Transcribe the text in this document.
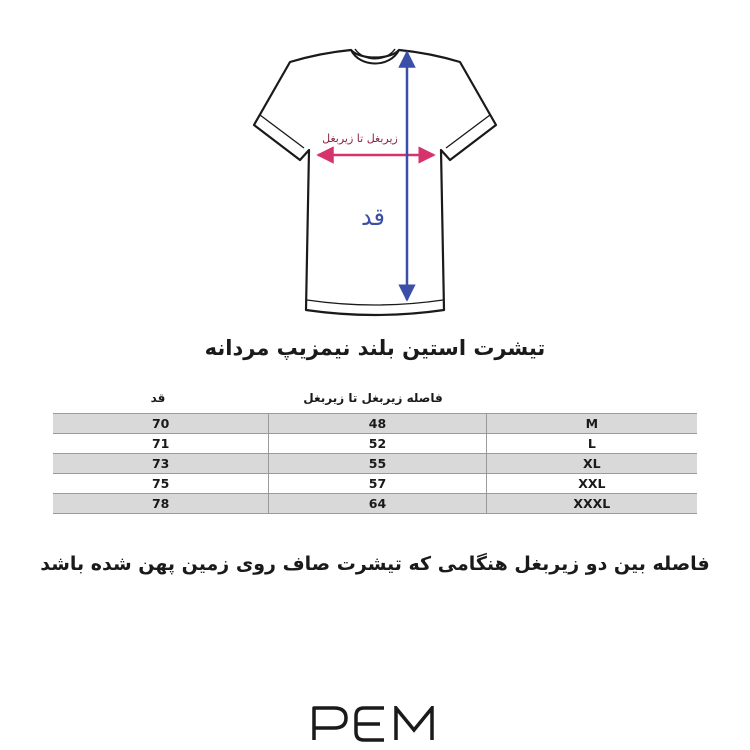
زیربغل تا زیربغل
قد
تیشرت استین بلند نیمزیپ مردانه
قد	فاصله زیربغل تا زیربغل
70	48	M
71	52	L
73	55	XL
75	57	XXL
78	64	XXXL
فاصله بین دو زیربغل هنگامی که تیشرت صاف روی زمین پهن شده باشد
